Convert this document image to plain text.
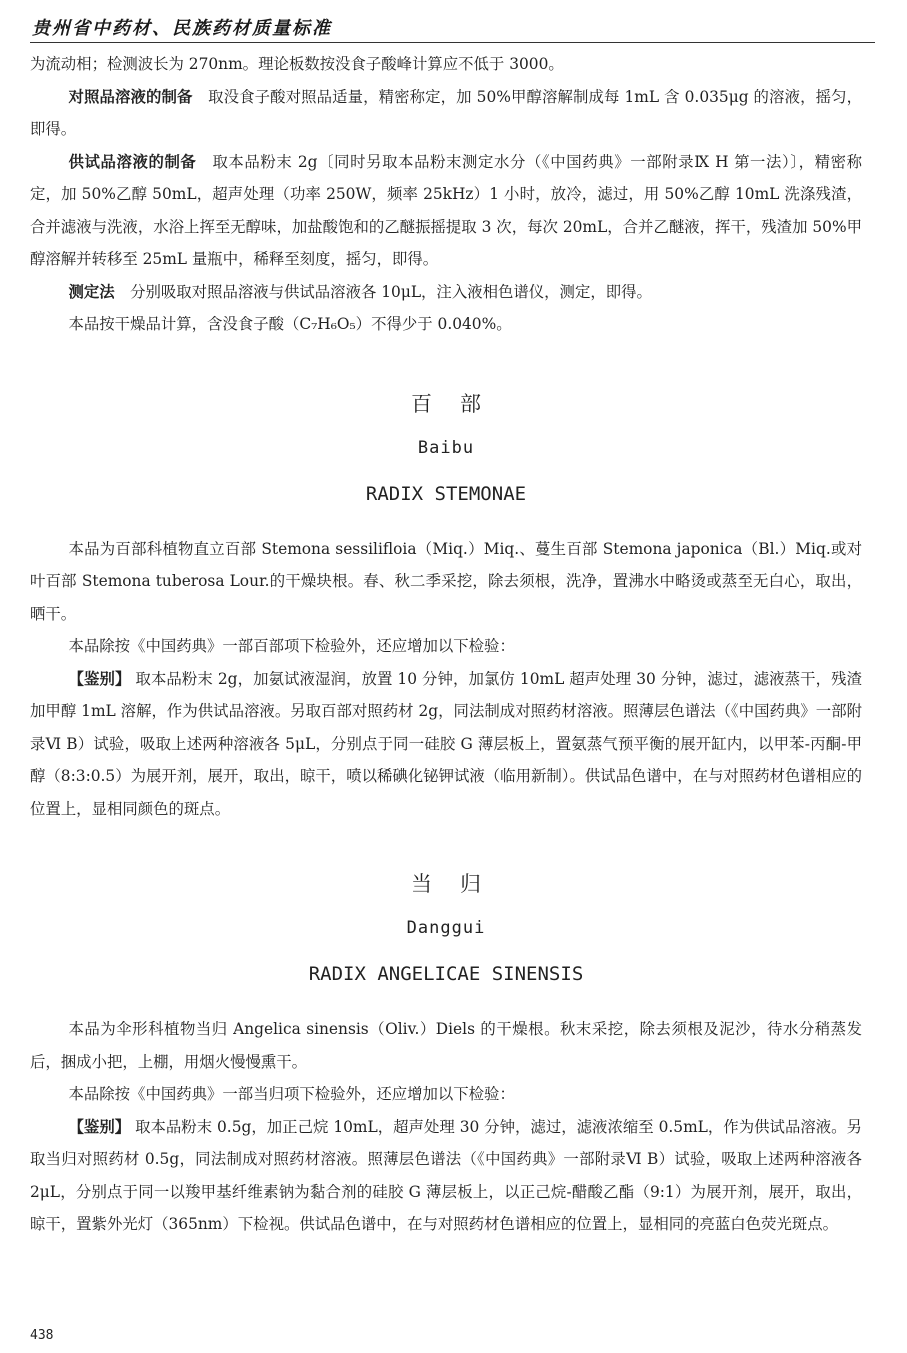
贵州省中药材、民族药材质量标准

为流动相；检测波长为 270nm。理论板数按没食子酸峰计算应不低于 3000。

对照品溶液的制备　 取没食子酸对照品适量，精密称定，加 50%甲醇溶解制成每 1mL 含 0.035μg 的溶液，摇匀，即得。

供试品溶液的制备　 取本品粉末 2g〔同时另取本品粉末测定水分（《中国药典》一部附录Ⅸ H 第一法）〕，精密称定，加 50%乙醇 50mL，超声处理（功率 250W，频率 25kHz）1 小时，放冷，滤过，用 50%乙醇 10mL 洗涤残渣，合并滤液与洗液，水浴上挥至无醇味，加盐酸饱和的乙醚振摇提取 3 次，每次 20mL，合并乙醚液，挥干，残渣加 50%甲醇溶解并转移至 25mL 量瓶中，稀释至刻度，摇匀，即得。

测定法　 分别吸取对照品溶液与供试品溶液各 10μL，注入液相色谱仪，测定，即得。

本品按干燥品计算，含没食子酸（C₇H₆O₅）不得少于 0.040%。

百部

Baibu

RADIX STEMONAE

本品为百部科植物直立百部 Stemona sessilifloia（Miq.）Miq.、蔓生百部 Stemona japonica（Bl.）Miq.或对叶百部 Stemona tuberosa Lour.的干燥块根。春、秋二季采挖，除去须根，洗净，置沸水中略烫或蒸至无白心，取出，晒干。

本品除按《中国药典》一部百部项下检验外，还应增加以下检验：

【鉴别】 取本品粉末 2g，加氨试液湿润，放置 10 分钟，加氯仿 10mL 超声处理 30 分钟，滤过，滤液蒸干，残渣加甲醇 1mL 溶解，作为供试品溶液。另取百部对照药材 2g，同法制成对照药材溶液。照薄层色谱法（《中国药典》一部附录Ⅵ B）试验，吸取上述两种溶液各 5μL，分别点于同一硅胶 G 薄层板上，置氨蒸气预平衡的展开缸内，以甲苯-丙酮-甲醇（8:3:0.5）为展开剂，展开，取出，晾干，喷以稀碘化铋钾试液（临用新制）。供试品色谱中，在与对照药材色谱相应的位置上，显相同颜色的斑点。

当归

Danggui

RADIX ANGELICAE SINENSIS

本品为伞形科植物当归 Angelica sinensis（Oliv.）Diels 的干燥根。秋末采挖，除去须根及泥沙，待水分稍蒸发后，捆成小把，上棚，用烟火慢慢熏干。

本品除按《中国药典》一部当归项下检验外，还应增加以下检验：

【鉴别】 取本品粉末 0.5g，加正己烷 10mL，超声处理 30 分钟，滤过，滤液浓缩至 0.5mL，作为供试品溶液。另取当归对照药材 0.5g，同法制成对照药材溶液。照薄层色谱法（《中国药典》一部附录Ⅵ B）试验，吸取上述两种溶液各 2μL，分别点于同一以羧甲基纤维素钠为黏合剂的硅胶 G 薄层板上，以正己烷-醋酸乙酯（9:1）为展开剂，展开，取出，晾干，置紫外光灯（365nm）下检视。供试品色谱中，在与对照药材色谱相应的位置上，显相同的亮蓝白色荧光斑点。

438
